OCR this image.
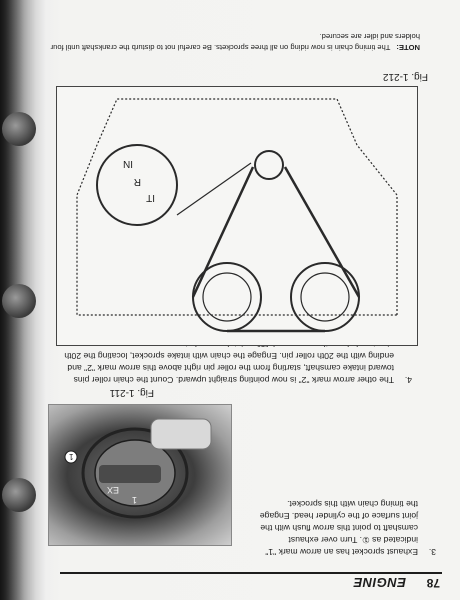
78
ENGINE
3.
Exhaust sprocket has an arrow mark "1" indicated as ①. Turn over exhaust camshaft to point this arrow flush with the joint surface of the cylinder head. Engage the timing chain with this sprocket.
EX
1
1
Fig. 1-211
4.
The other arrow mark "2" is now pointing straight upward. Count the chain roller pins toward intake camshaft, starting from the roller pin right above this arrow mark "2" and ending with the 20th roller pin. Engage the chain with intake sprocket, locating the 20th
IT
R
IN
Fig. 1-212
NOTE: The timing chain is now riding on all three sprockets. Be careful not to disturb the crankshaft until four holders and idler are secured.
